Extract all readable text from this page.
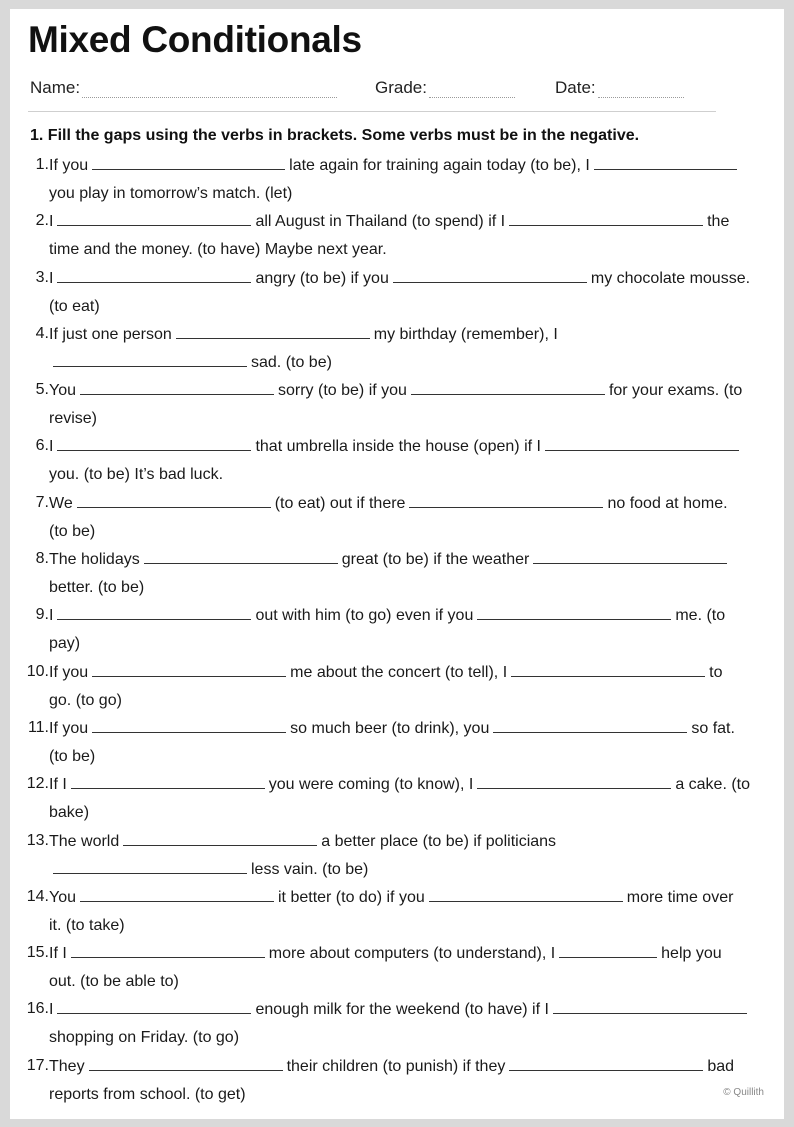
Mixed Conditionals
Name:	Grade:	Date:
1. Fill the gaps using the verbs in brackets. Some verbs must be in the negative.
1. If you	late again for training again today (to be), I
you play in tomorrow’s match. (let)
2. I	all August in Thailand (to spend) if I	the
time and the money. (to have) Maybe next year.
3. I	angry (to be) if you	my chocolate mousse.
(to eat)
4. If just one person	my birthday (remember), I
sad. (to be)
5. You	sorry (to be) if you	for your exams. (to
revise)
6. I	that umbrella inside the house (open) if I
you. (to be) It’s bad luck.
7. We	(to eat) out if there	no food at home.
(to be)
8. The holidays	great (to be) if the weather
better. (to be)
9. I	out with him (to go) even if you	me. (to
pay)
10. If you	me about the concert (to tell), I	to
go. (to go)
11. If you	so much beer (to drink), you	so fat.
(to be)
12. If I	you were coming (to know), I	a cake. (to
bake)
13. The world	a better place (to be) if politicians
less vain. (to be)
14. You	it better (to do) if you	more time over
it. (to take)
15. If I	more about computers (to understand), I	help you
out. (to be able to)
16. I	enough milk for the weekend (to have) if I
shopping on Friday. (to go)
17. They	their children (to punish) if they	bad
reports from school. (to get)	© Quillith
